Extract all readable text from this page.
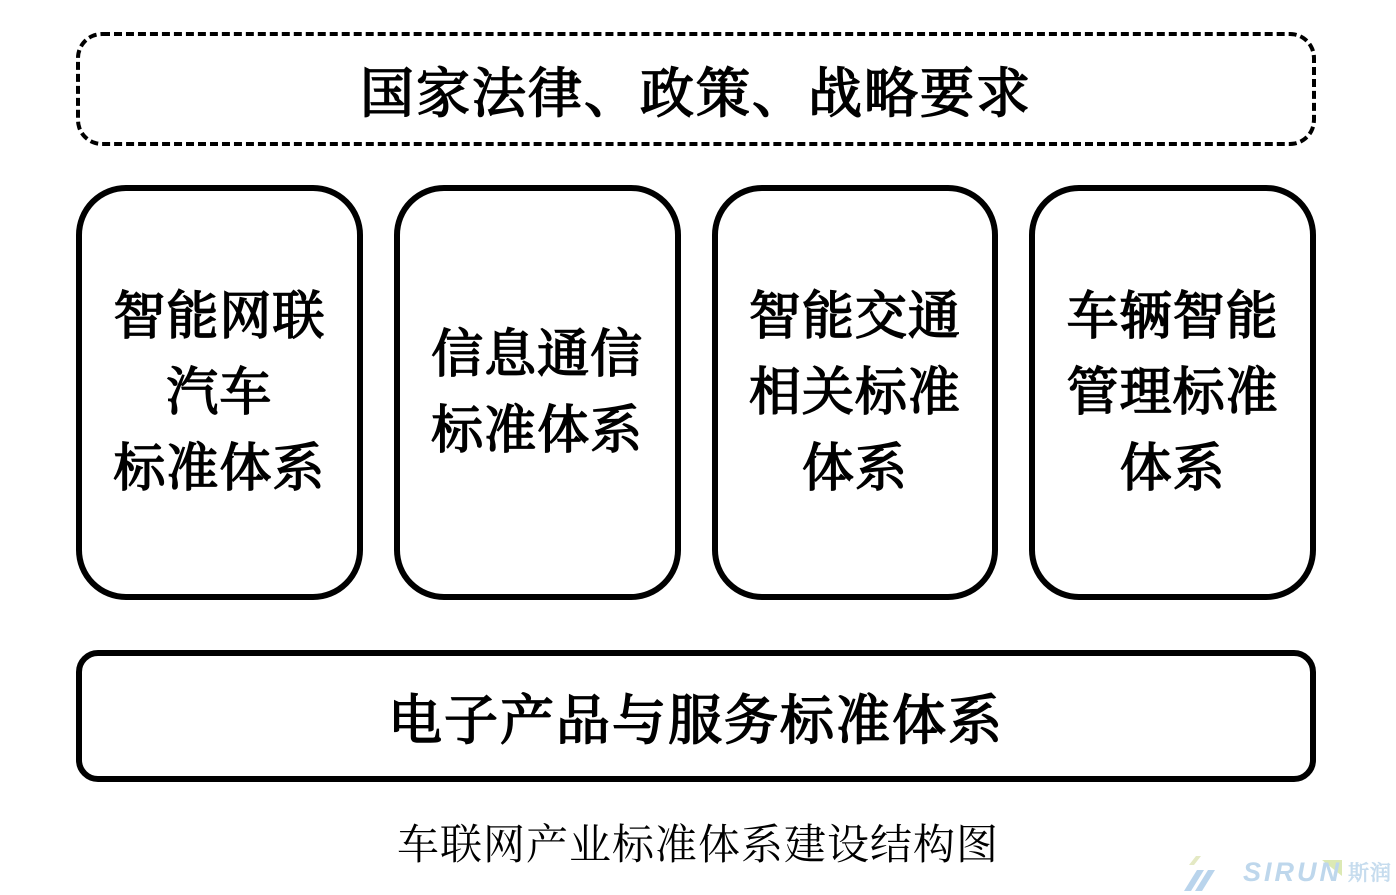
国家法律、政策、战略要求
智能网联
汽车
标准体系
信息通信
标准体系
智能交通
相关标准
体系
车辆智能
管理标准
体系
电子产品与服务标准体系
车联网产业标准体系建设结构图
SIRUN 斯润
